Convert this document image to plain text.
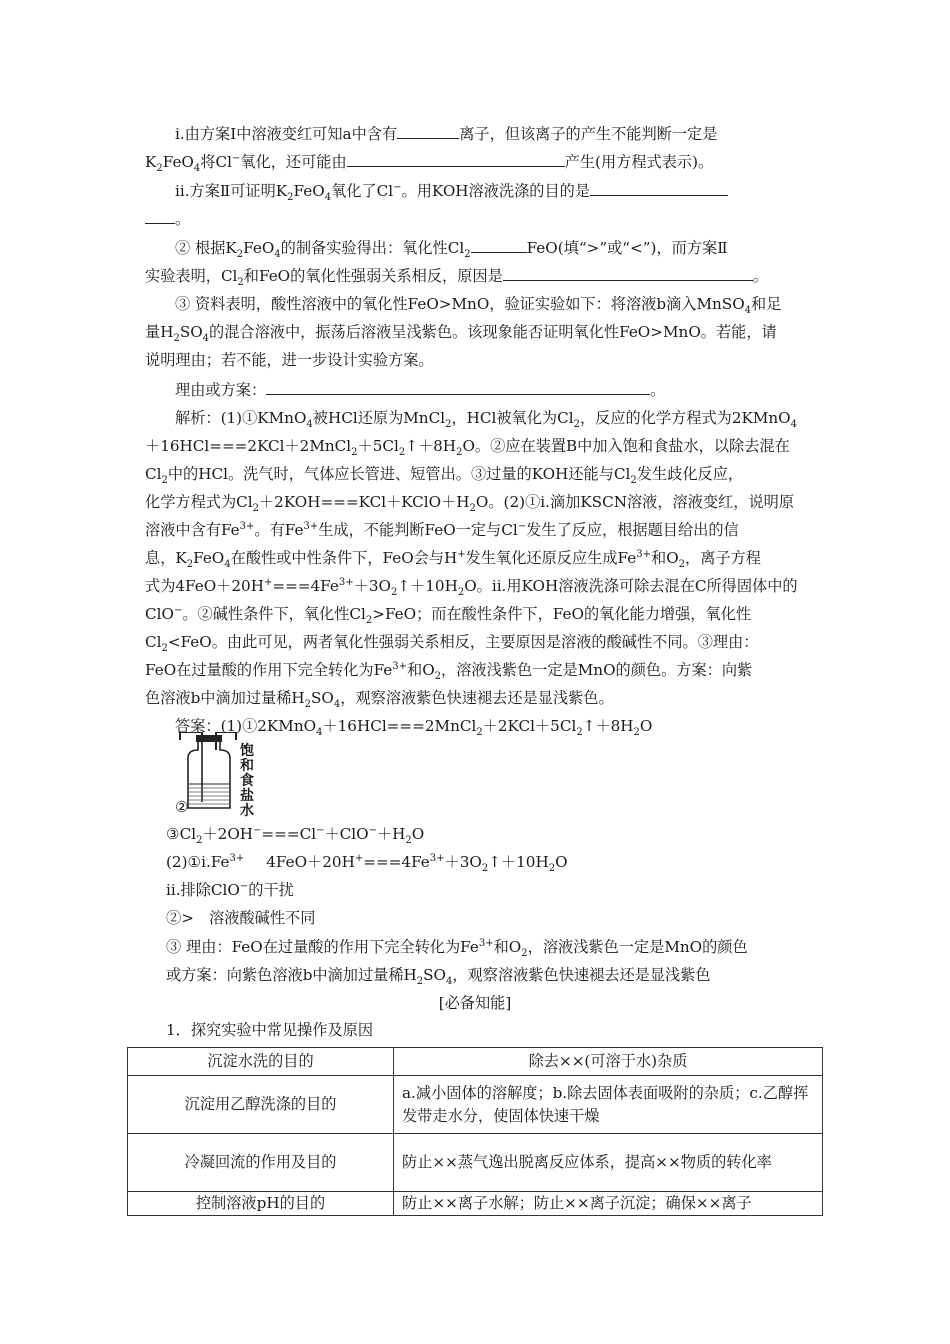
ⅰ.由方案Ⅰ中溶液变红可知a中含有	离子，但该离子的产生不能判断一定是
$K_2FeO_4$将Cl−氧化，还可能由	产生(用方程式表示)。
ⅱ.方案Ⅱ可证明$K_2FeO_4$氧化了Cl−。用KOH溶液洗涤的目的是
。
② 根据$K_2FeO_4$的制备实验得出：氧化性$Cl_2$	FeO(填“>”或“<”)，而方案Ⅱ
实验表明，$Cl_2$和FeO的氧化性强弱关系相反，原因是	。
③ 资料表明，酸性溶液中的氧化性FeO>MnO，验证实验如下：将溶液b滴入MnSO$_4$和足
量$H_2SO_4$的混合溶液中，振荡后溶液呈浅紫色。该现象能否证明氧化性FeO>MnO。若能，请
说明理由；若不能，进一步设计实验方案。
理由或方案：	。
解析：(1)①KMnO$_4$被HCl还原为MnCl$_2$，HCl被氧化为$Cl_2$，反应的化学方程式为2KMnO$_4$
$+16HCl===2KCl+2MnCl_2+5Cl_2↑+8H_2O$。②应在装置B中加入饱和食盐水，以除去混在
$Cl_2$中的HCl。洗气时，气体应长管进、短管出。③过量的KOH还能与$Cl_2$发生歧化反应，
化学方程式为$Cl_2+2KOH===KCl+KClO+H_2O$。(2)①ⅰ.滴加KSCN溶液，溶液变红，说明原
溶液中含有$Fe^{3+}$。有$Fe^{3+}$生成，不能判断FeO一定与Cl−发生了反应，根据题目给出的信
息，$K_2FeO_4$在酸性或中性条件下，FeO会与H+发生氧化还原反应生成$Fe^{3+}$和$O_2$，离子方程
式为$4FeO+20H^+===4Fe^{3+}+3O_2↑+10H_2O$。ⅱ.用KOH溶液洗涤可除去混在C所得固体中的
ClO−。②碱性条件下，氧化性$Cl_2>FeO$；而在酸性条件下，FeO的氧化能力增强，氧化性
$Cl_2<FeO$。由此可见，两者氧化性强弱关系相反，主要原因是溶液的酸碱性不同。③理由：
FeO在过量酸的作用下完全转化为$Fe^{3+}$和$O_2$，溶液浅紫色一定是MnO的颜色。方案：向紫
色溶液b中滴加过量稀$H_2SO_4$，观察溶液紫色快速褪去还是显浅紫色。
答案：$(1)①2KMnO_4+16HCl===2MnCl_2+2KCl+5Cl_2↑+8H_2O$
饱和食盐水
②
$③Cl_2+2OH^-===Cl^-+ClO^-+H_2O$
$(2)①ⅰ.Fe^{3+}$ $4FeO+20H^+===4Fe^{3+}+3O_2↑+10H_2O$
ⅱ.排除ClO−的干扰
②>　溶液酸碱性不同
③ 理由：FeO在过量酸的作用下完全转化为$Fe^{3+}$和$O_2$，溶液浅紫色一定是MnO的颜色
或方案：向紫色溶液b中滴加过量稀$H_2SO_4$，观察溶液紫色快速褪去还是显浅紫色
[必备知能]
1．探究实验中常见操作及原因
沉淀水洗的目的	除去××(可溶于水)杂质
沉淀用乙醇洗涤的目的	a.减小固体的溶解度；b.除去固体表面吸附的杂质；c.乙醇挥发带走水分，使固体快速干燥
冷凝回流的作用及目的	防止××蒸气逸出脱离反应体系，提高××物质的转化率
控制溶液pH的目的	防止××离子水解；防止××离子沉淀；确保××离子
